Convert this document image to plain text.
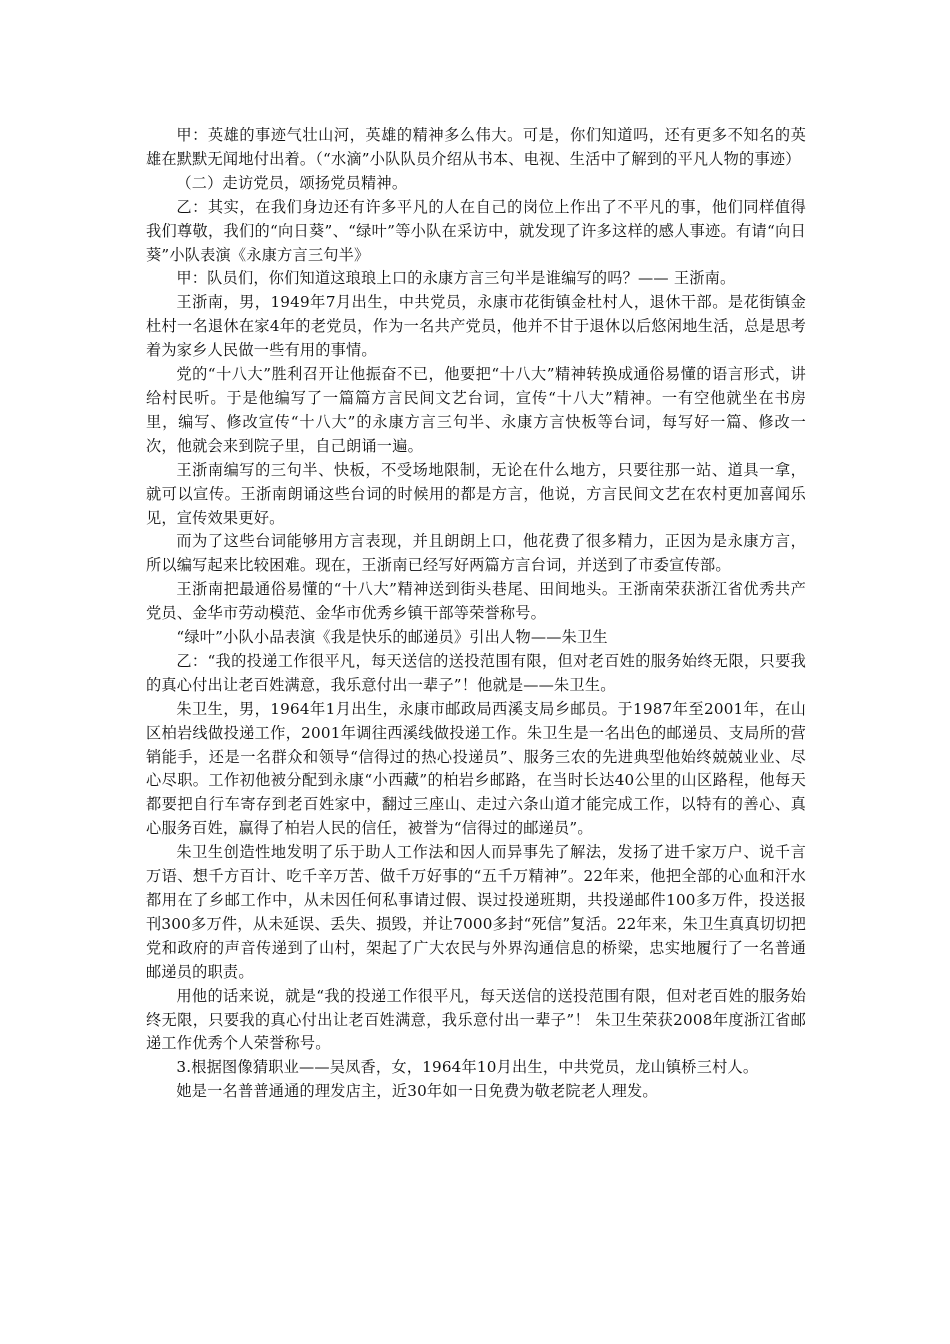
甲：英雄的事迹气壮山河，英雄的精神多么伟大。可是，你们知道吗，还有更多不知名的英雄在默默无闻地付出着。（“水滴”小队队员介绍从书本、电视、生活中了解到的平凡人物的事迹）

（二）走访党员，颂扬党员精神。

乙：其实，在我们身边还有许多平凡的人在自己的岗位上作出了不平凡的事，他们同样值得我们尊敬，我们的“向日葵”、“绿叶”等小队在采访中，就发现了许多这样的感人事迹。有请“向日葵”小队表演《永康方言三句半》

甲：队员们，你们知道这琅琅上口的永康方言三句半是谁编写的吗？—— 王浙南。

王浙南，男，1949年7月出生，中共党员，永康市花街镇金杜村人，退休干部。是花街镇金杜村一名退休在家4年的老党员，作为一名共产党员，他并不甘于退休以后悠闲地生活，总是思考着为家乡人民做一些有用的事情。

党的“十八大”胜利召开让他振奋不已，他要把“十八大”精神转换成通俗易懂的语言形式，讲给村民听。于是他编写了一篇篇方言民间文艺台词，宣传“十八大”精神。一有空他就坐在书房里，编写、修改宣传“十八大”的永康方言三句半、永康方言快板等台词，每写好一篇、修改一次，他就会来到院子里，自己朗诵一遍。

王浙南编写的三句半、快板，不受场地限制，无论在什么地方，只要往那一站、道具一拿，就可以宣传。王浙南朗诵这些台词的时候用的都是方言，他说，方言民间文艺在农村更加喜闻乐见，宣传效果更好。

而为了这些台词能够用方言表现，并且朗朗上口，他花费了很多精力，正因为是永康方言，所以编写起来比较困难。现在，王浙南已经写好两篇方言台词，并送到了市委宣传部。

王浙南把最通俗易懂的“十八大”精神送到街头巷尾、田间地头。王浙南荣获浙江省优秀共产党员、金华市劳动模范、金华市优秀乡镇干部等荣誉称号。

“绿叶”小队小品表演《我是快乐的邮递员》引出人物——朱卫生

乙：“我的投递工作很平凡，每天送信的送投范围有限，但对老百姓的服务始终无限，只要我的真心付出让老百姓满意，我乐意付出一辈子”！他就是——朱卫生。

朱卫生，男，1964年1月出生，永康市邮政局西溪支局乡邮员。于1987年至2001年，在山区柏岩线做投递工作，2001年调往西溪线做投递工作。朱卫生是一名出色的邮递员、支局所的营销能手，还是一名群众和领导“信得过的热心投递员”、服务三农的先进典型他始终兢兢业业、尽心尽职。工作初他被分配到永康“小西藏”的柏岩乡邮路，在当时长达40公里的山区路程，他每天都要把自行车寄存到老百姓家中，翻过三座山、走过六条山道才能完成工作，以特有的善心、真心服务百姓，赢得了柏岩人民的信任，被誉为“信得过的邮递员”。

朱卫生创造性地发明了乐于助人工作法和因人而异事先了解法，发扬了进千家万户、说千言万语、想千方百计、吃千辛万苦、做千万好事的“五千万精神”。22年来，他把全部的心血和汗水都用在了乡邮工作中，从未因任何私事请过假、误过投递班期，共投递邮件100多万件，投送报刊300多万件，从未延误、丢失、损毁，并让7000多封“死信”复活。22年来，朱卫生真真切切把党和政府的声音传递到了山村，架起了广大农民与外界沟通信息的桥梁，忠实地履行了一名普通邮递员的职责。

用他的话来说，就是“我的投递工作很平凡，每天送信的送投范围有限，但对老百姓的服务始终无限，只要我的真心付出让老百姓满意，我乐意付出一辈子”！ 朱卫生荣获2008年度浙江省邮递工作优秀个人荣誉称号。

3.根据图像猜职业——吴凤香，女，1964年10月出生，中共党员，龙山镇桥三村人。

她是一名普普通通的理发店主，近30年如一日免费为敬老院老人理发。
